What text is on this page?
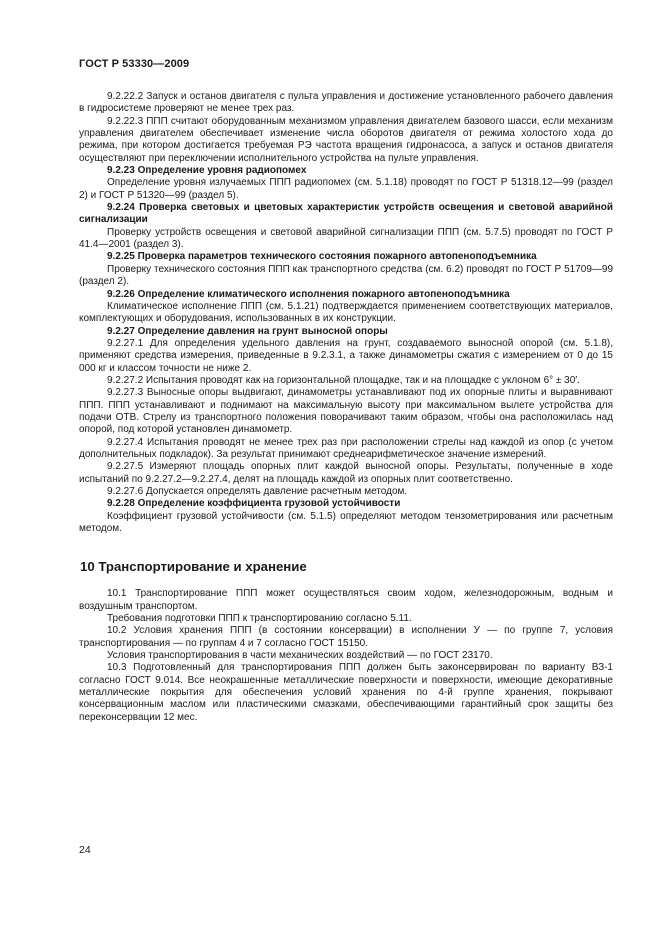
ГОСТ Р 53330—2009

9.2.22.2 Запуск и останов двигателя с пульта управления и достижение установленного рабочего давления в гидросистеме проверяют не менее трех раз.

9.2.22.3 ППП считают оборудованным механизмом управления двигателем базового шасси, если механизм управления двигателем обеспечивает изменение числа оборотов двигателя от режима холостого хода до режима, при котором достигается требуемая РЭ частота вращения гидронасоса, а запуск и останов двигателя осуществляют при переключении исполнительного устройства на пульте управления.

9.2.23 Определение уровня радиопомех

Определение уровня излучаемых ППП радиопомех (см. 5.1.18) проводят по ГОСТ Р 51318.12—99 (раздел 2) и ГОСТ Р 51320—99 (раздел 5).

9.2.24 Проверка световых и цветовых характеристик устройств освещения и световой аварийной сигнализации

Проверку устройств освещения и световой аварийной сигнализации ППП (см. 5.7.5) проводят по ГОСТ Р 41.4—2001 (раздел 3).

9.2.25 Проверка параметров технического состояния пожарного автопеноподъемника

Проверку технического состояния ППП как транспортного средства (см. 6.2) проводят по ГОСТ Р 51709—99 (раздел 2).

9.2.26 Определение климатического исполнения пожарного автопеноподъмника

Климатическое исполнение ППП (см. 5.1.21) подтверждается применением соответствующих материалов, комплектующих и оборудования, использованных в их конструкции.

9.2.27 Определение давления на грунт выносной опоры

9.2.27.1 Для определения удельного давления на грунт, создаваемого выносной опорой (см. 5.1.8), применяют средства измерения, приведенные в 9.2.3.1, а также динамометры сжатия с измерением от 0 до 15 000 кг и классом точности не ниже 2.

9.2.27.2 Испытания проводят как на горизонтальной площадке, так и на площадке с уклоном 6° ± 30′.

9.2.27.3 Выносные опоры выдвигают, динамометры устанавливают под их опорные плиты и выравнивают ППП. ППП устанавливают и поднимают на максимальную высоту при максимальном вылете устройства для подачи ОТВ. Стрелу из транспортного положения поворачивают таким образом, чтобы она расположилась над опорой, под которой установлен динамометр.

9.2.27.4 Испытания проводят не менее трех раз при расположении стрелы над каждой из опор (с учетом дополнительных подкладок). За результат принимают среднеарифметическое значение измерений.

9.2.27.5 Измеряют площадь опорных плит каждой выносной опоры. Результаты, полученные в ходе испытаний по 9.2.27.2—9.2.27.4, делят на площадь каждой из опорных плит соответственно.

9.2.27.6 Допускается определять давление расчетным методом.

9.2.28 Определение коэффициента грузовой устойчивости

Коэффициент грузовой устойчивости (см. 5.1.5) определяют методом тензометрирования или расчетным методом.

10 Транспортирование и хранение

10.1 Транспортирование ППП может осуществляться своим ходом, железнодорожным, водным и воздушным транспортом.

Требования подготовки ППП к транспортированию согласно 5.11.

10.2 Условия хранения ППП (в состоянии консервации) в исполнении У — по группе 7, условия транспортирования — по группам 4 и 7 согласно ГОСТ 15150.

Условия транспортирования в части механических воздействий — по ГОСТ 23170.

10.3 Подготовленный для транспортирования ППП должен быть законсервирован по варианту ВЗ-1 согласно ГОСТ 9.014. Все неокрашенные металлические поверхности и поверхности, имеющие декоративные металлические покрытия для обеспечения условий хранения по 4-й группе хранения, покрывают консервационным маслом или пластическими смазками, обеспечивающими гарантийный срок защиты без переконсервации 12 мес.

24
